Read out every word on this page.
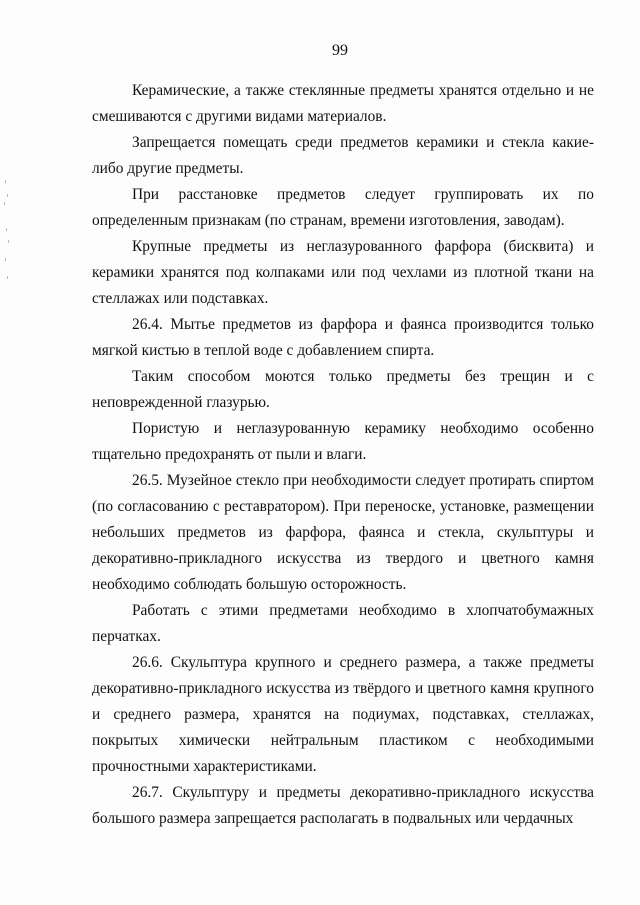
99

Керамические, а также стеклянные предметы хранятся отдельно и не смешиваются с другими видами материалов.

Запрещается помещать среди предметов керамики и стекла какие-либо другие предметы.

При расстановке предметов следует группировать их по определенным признакам (по странам, времени изготовления, заводам).

Крупные предметы из неглазурованного фарфора (бисквита) и керамики хранятся под колпаками или под чехлами из плотной ткани на стеллажах или подставках.

26.4. Мытье предметов из фарфора и фаянса производится только мягкой кистью в теплой воде с добавлением спирта.

Таким способом моются только предметы без трещин и с неповрежденной глазурью.

Пористую и неглазурованную керамику необходимо особенно тщательно предохранять от пыли и влаги.

26.5. Музейное стекло при необходимости следует протирать спиртом (по согласованию с реставратором). При переноске, установке, размещении небольших предметов из фарфора, фаянса и стекла, скульптуры и декоративно-прикладного искусства из твердого и цветного камня необходимо соблюдать большую осторожность.

Работать с этими предметами необходимо в хлопчатобумажных перчатках.

26.6. Скульптура крупного и среднего размера, а также предметы декоративно-прикладного искусства из твёрдого и цветного камня крупного и среднего размера, хранятся на подиумах, подставках, стеллажах, покрытых химически нейтральным пластиком с необходимыми прочностными характеристиками.

26.7. Скульптуру и предметы декоративно-прикладного искусства большого размера запрещается располагать в подвальных или чердачных
